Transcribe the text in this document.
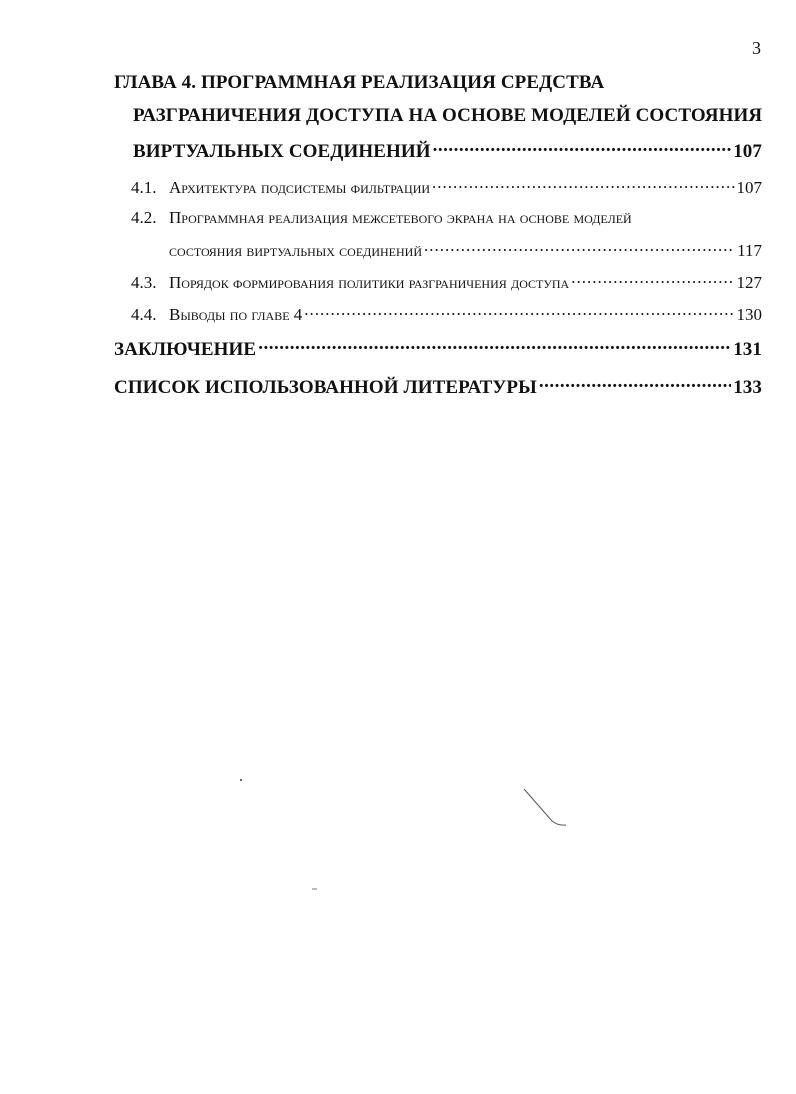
3
ГЛАВА 4. ПРОГРАММНАЯ РЕАЛИЗАЦИЯ СРЕДСТВА
РАЗГРАНИЧЕНИЯ ДОСТУПА НА ОСНОВЕ МОДЕЛЕЙ СОСТОЯНИЯ
ВИРТУАЛЬНЫХ СОЕДИНЕНИЙ .....	107
4.1. Архитектура подсистемы фильтрации .....	107
4.2. Программная реализация межсетевого экрана на основе моделей
состояния виртуальных соединений .....	117
4.3. Порядок формирования политики разграничения доступа .....	127
4.4. Выводы по главе 4 .....	130
ЗАКЛЮЧЕНИЕ .....	131
СПИСОК ИСПОЛЬЗОВАННОЙ ЛИТЕРАТУРЫ .....	133
